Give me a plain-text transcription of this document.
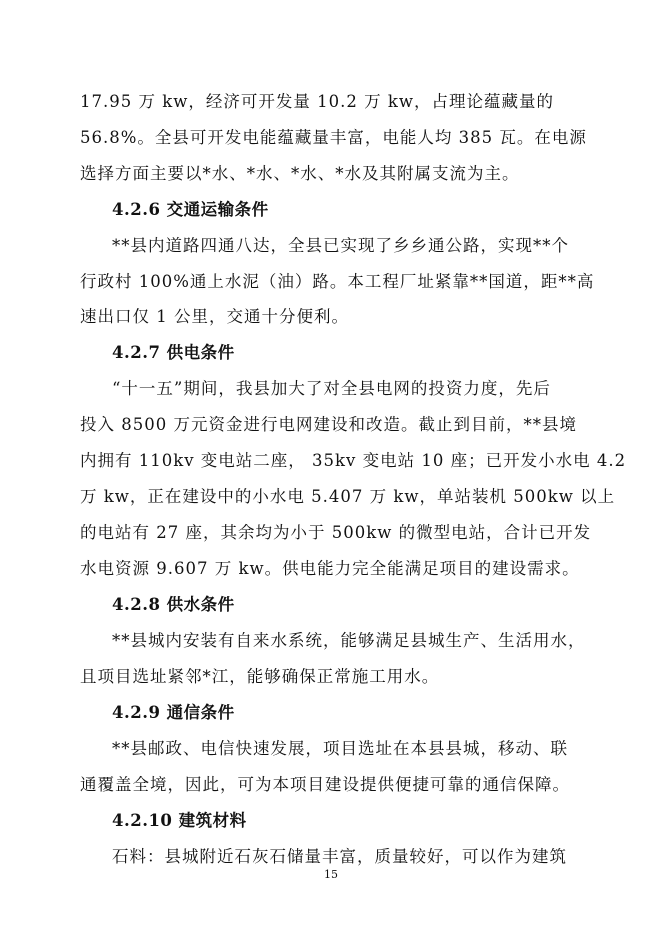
17.95 万 kw，经济可开发量 10.2 万 kw，占理论蕴藏量的
56.8%。全县可开发电能蕴藏量丰富，电能人均 385 瓦。在电源
选择方面主要以*水、*水、*水、*水及其附属支流为主。
4.2.6 交通运输条件
**县内道路四通八达，全县已实现了乡乡通公路，实现**个
行政村 100%通上水泥（油）路。本工程厂址紧靠**国道，距**高
速出口仅 1 公里，交通十分便利。
4.2.7 供电条件
“十一五”期间，我县加大了对全县电网的投资力度，先后
投入 8500 万元资金进行电网建设和改造。截止到目前，**县境
内拥有 110kv 变电站二座， 35kv 变电站 10 座；已开发小水电 4.2
万 kw，正在建设中的小水电 5.407 万 kw，单站装机 500kw 以上
的电站有 27 座，其余均为小于 500kw 的微型电站，合计已开发
水电资源 9.607 万 kw。供电能力完全能满足项目的建设需求。
4.2.8 供水条件
**县城内安装有自来水系统，能够满足县城生产、生活用水，
且项目选址紧邻*江，能够确保正常施工用水。
4.2.9 通信条件
**县邮政、电信快速发展，项目选址在本县县城，移动、联
通覆盖全境，因此，可为本项目建设提供便捷可靠的通信保障。
4.2.10 建筑材料
石料：县城附近石灰石储量丰富，质量较好，可以作为建筑
15
